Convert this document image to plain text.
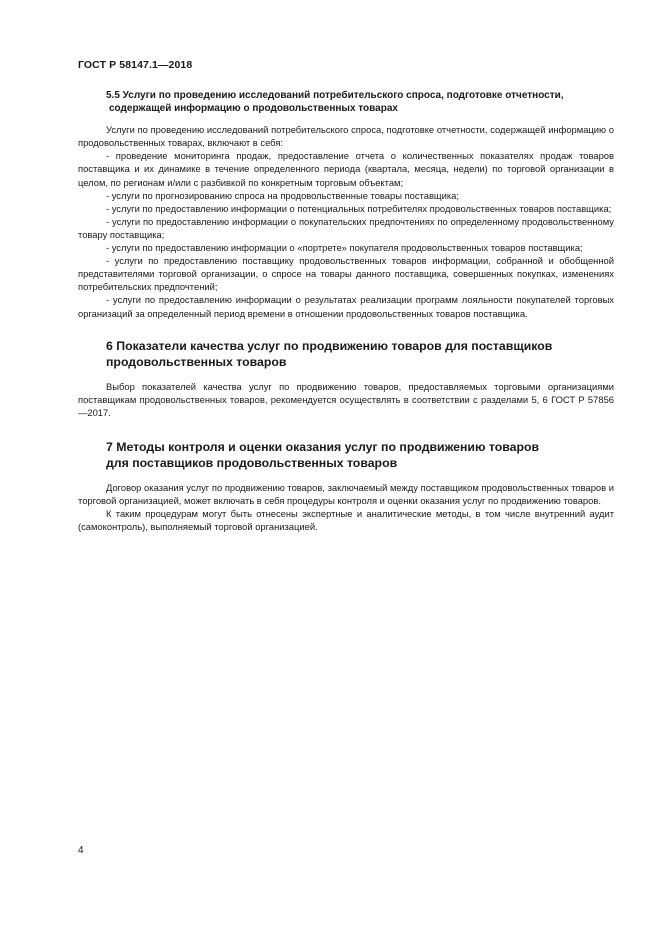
ГОСТ Р 58147.1—2018
5.5 Услуги по проведению исследований потребительского спроса, подготовке отчетности,
содержащей информацию о продовольственных товарах

Услуги по проведению исследований потребительского спроса, подготовке отчетности, содержащей информацию о продовольственных товарах, включают в себя:

- проведение мониторинга продаж, предоставление отчета о количественных показателях продаж товаров поставщика и их динамике в течение определенного периода (квартала, месяца, недели) по торговой организации в целом, по регионам и/или с разбивкой по конкретным торговым объектам;

- услуги по прогнозированию спроса на продовольственные товары поставщика;

- услуги по предоставлению информации о потенциальных потребителях продовольственных товаров поставщика;

- услуги по предоставлению информации о покупательских предпочтениях по определенному продовольственному товару поставщика;

- услуги по предоставлению информации о «портрете» покупателя продовольственных товаров поставщика;

- услуги по предоставлению поставщику продовольственных товаров информации, собранной и обобщенной представителями торговой организации, о спросе на товары данного поставщика, совершенных покупках, изменениях потребительских предпочтений;

- услуги по предоставлению информации о результатах реализации программ лояльности покупателей торговых организаций за определенный период времени в отношении продовольственных товаров поставщика.

6 Показатели качества услуг по продвижению товаров для поставщиков
продовольственных товаров

Выбор показателей качества услуг по продвижению товаров, предоставляемых торговыми организациями поставщикам продовольственных товаров, рекомендуется осуществлять в соответствии с разделами 5, 6 ГОСТ Р 57856—2017.

7 Методы контроля и оценки оказания услуг по продвижению товаров
для поставщиков продовольственных товаров

Договор оказания услуг по продвижению товаров, заключаемый между поставщиком продовольственных товаров и торговой организацией, может включать в себя процедуры контроля и оценки оказания услуг по продвижению товаров.

К таким процедурам могут быть отнесены экспертные и аналитические методы, в том числе внутренний аудит (самоконтроль), выполняемый торговой организацией.

4
